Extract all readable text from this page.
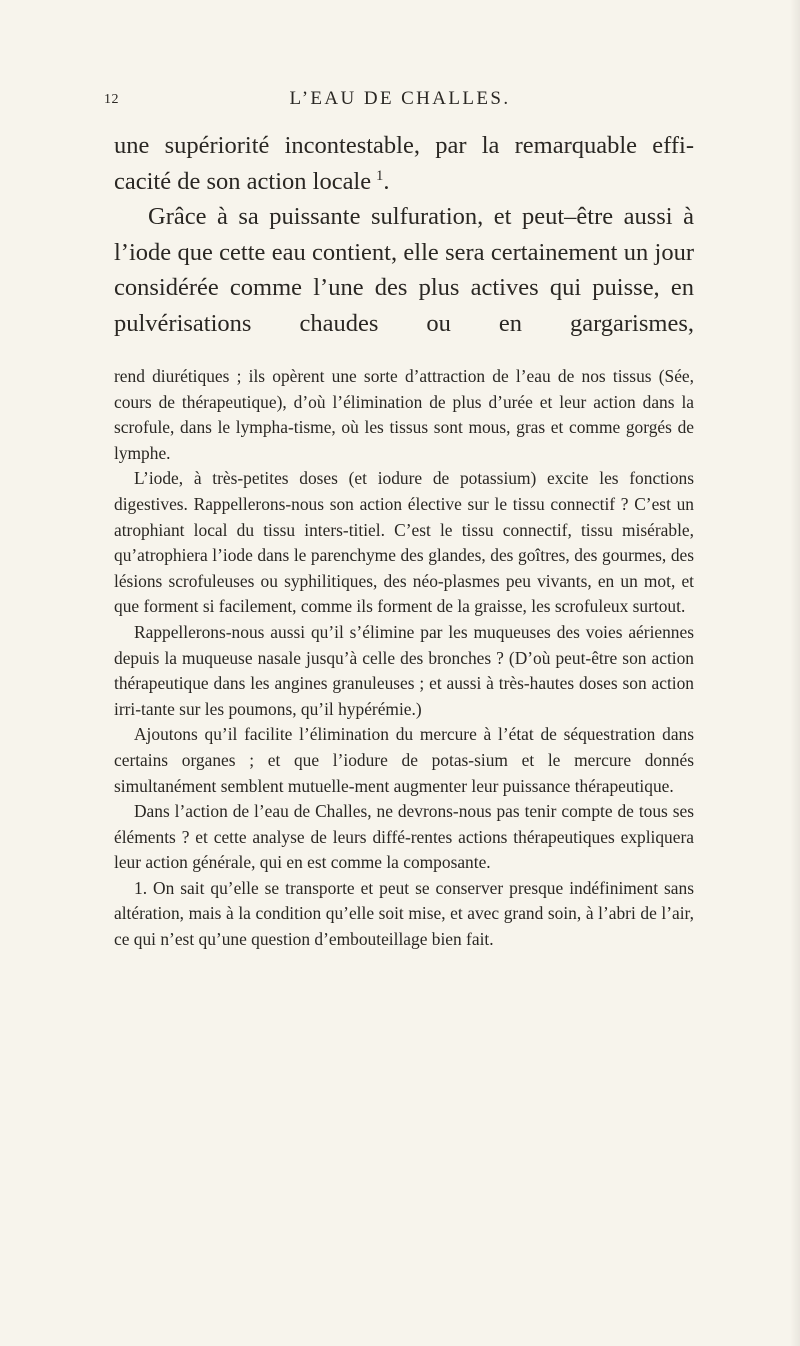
12	L’EAU DE CHALLES.

une supériorité incontestable, par la remarquable effi-cacité de son action locale  $^1$.

Grâce à sa puissante sulfuration, et peut–être aussi à l’iode que cette eau contient, elle sera certainement un jour considérée comme l’une des plus actives qui puisse, en pulvérisations chaudes ou en gargarismes,

rend diurétiques ; ils opèrent une sorte d’attraction de l’eau de nos tissus (Sée, cours de thérapeutique), d’où l’élimination de plus d’urée et leur action dans la scrofule, dans le lympha-tisme, où les tissus sont mous, gras et comme gorgés de lymphe.

L’iode, à très-petites doses (et iodure de potassium) excite les fonctions digestives. Rappellerons-nous son action élective sur le tissu connectif ? C’est un atrophiant local du tissu inters-titiel. C’est le tissu connectif, tissu misérable, qu’atrophiera l’iode dans le parenchyme des glandes, des goîtres, des gourmes, des lésions scrofuleuses ou syphilitiques, des néo-plasmes peu vivants, en un mot, et que forment si facilement, comme ils forment de la graisse, les scrofuleux surtout.

Rappellerons-nous aussi qu’il s’élimine par les muqueuses des voies aériennes depuis la muqueuse nasale jusqu’à celle des bronches ? (D’où peut-être son action thérapeutique dans les angines granuleuses ; et aussi à très-hautes doses son action irri-tante sur les poumons, qu’il hypérémie.)

Ajoutons qu’il facilite l’élimination du mercure à l’état de séquestration dans certains organes ; et que l’iodure de potas-sium et le mercure donnés simultanément semblent mutuelle-ment augmenter leur puissance thérapeutique.

Dans l’action de l’eau de Challes, ne devrons-nous pas tenir compte de tous ses éléments ? et cette analyse de leurs diffé-rentes actions thérapeutiques expliquera leur action générale, qui en est comme la composante.

1. On sait qu’elle se transporte et peut se conserver presque indéfiniment sans altération, mais à la condition qu’elle soit mise, et avec grand soin, à l’abri de l’air, ce qui n’est qu’une question d’embouteillage bien fait.
